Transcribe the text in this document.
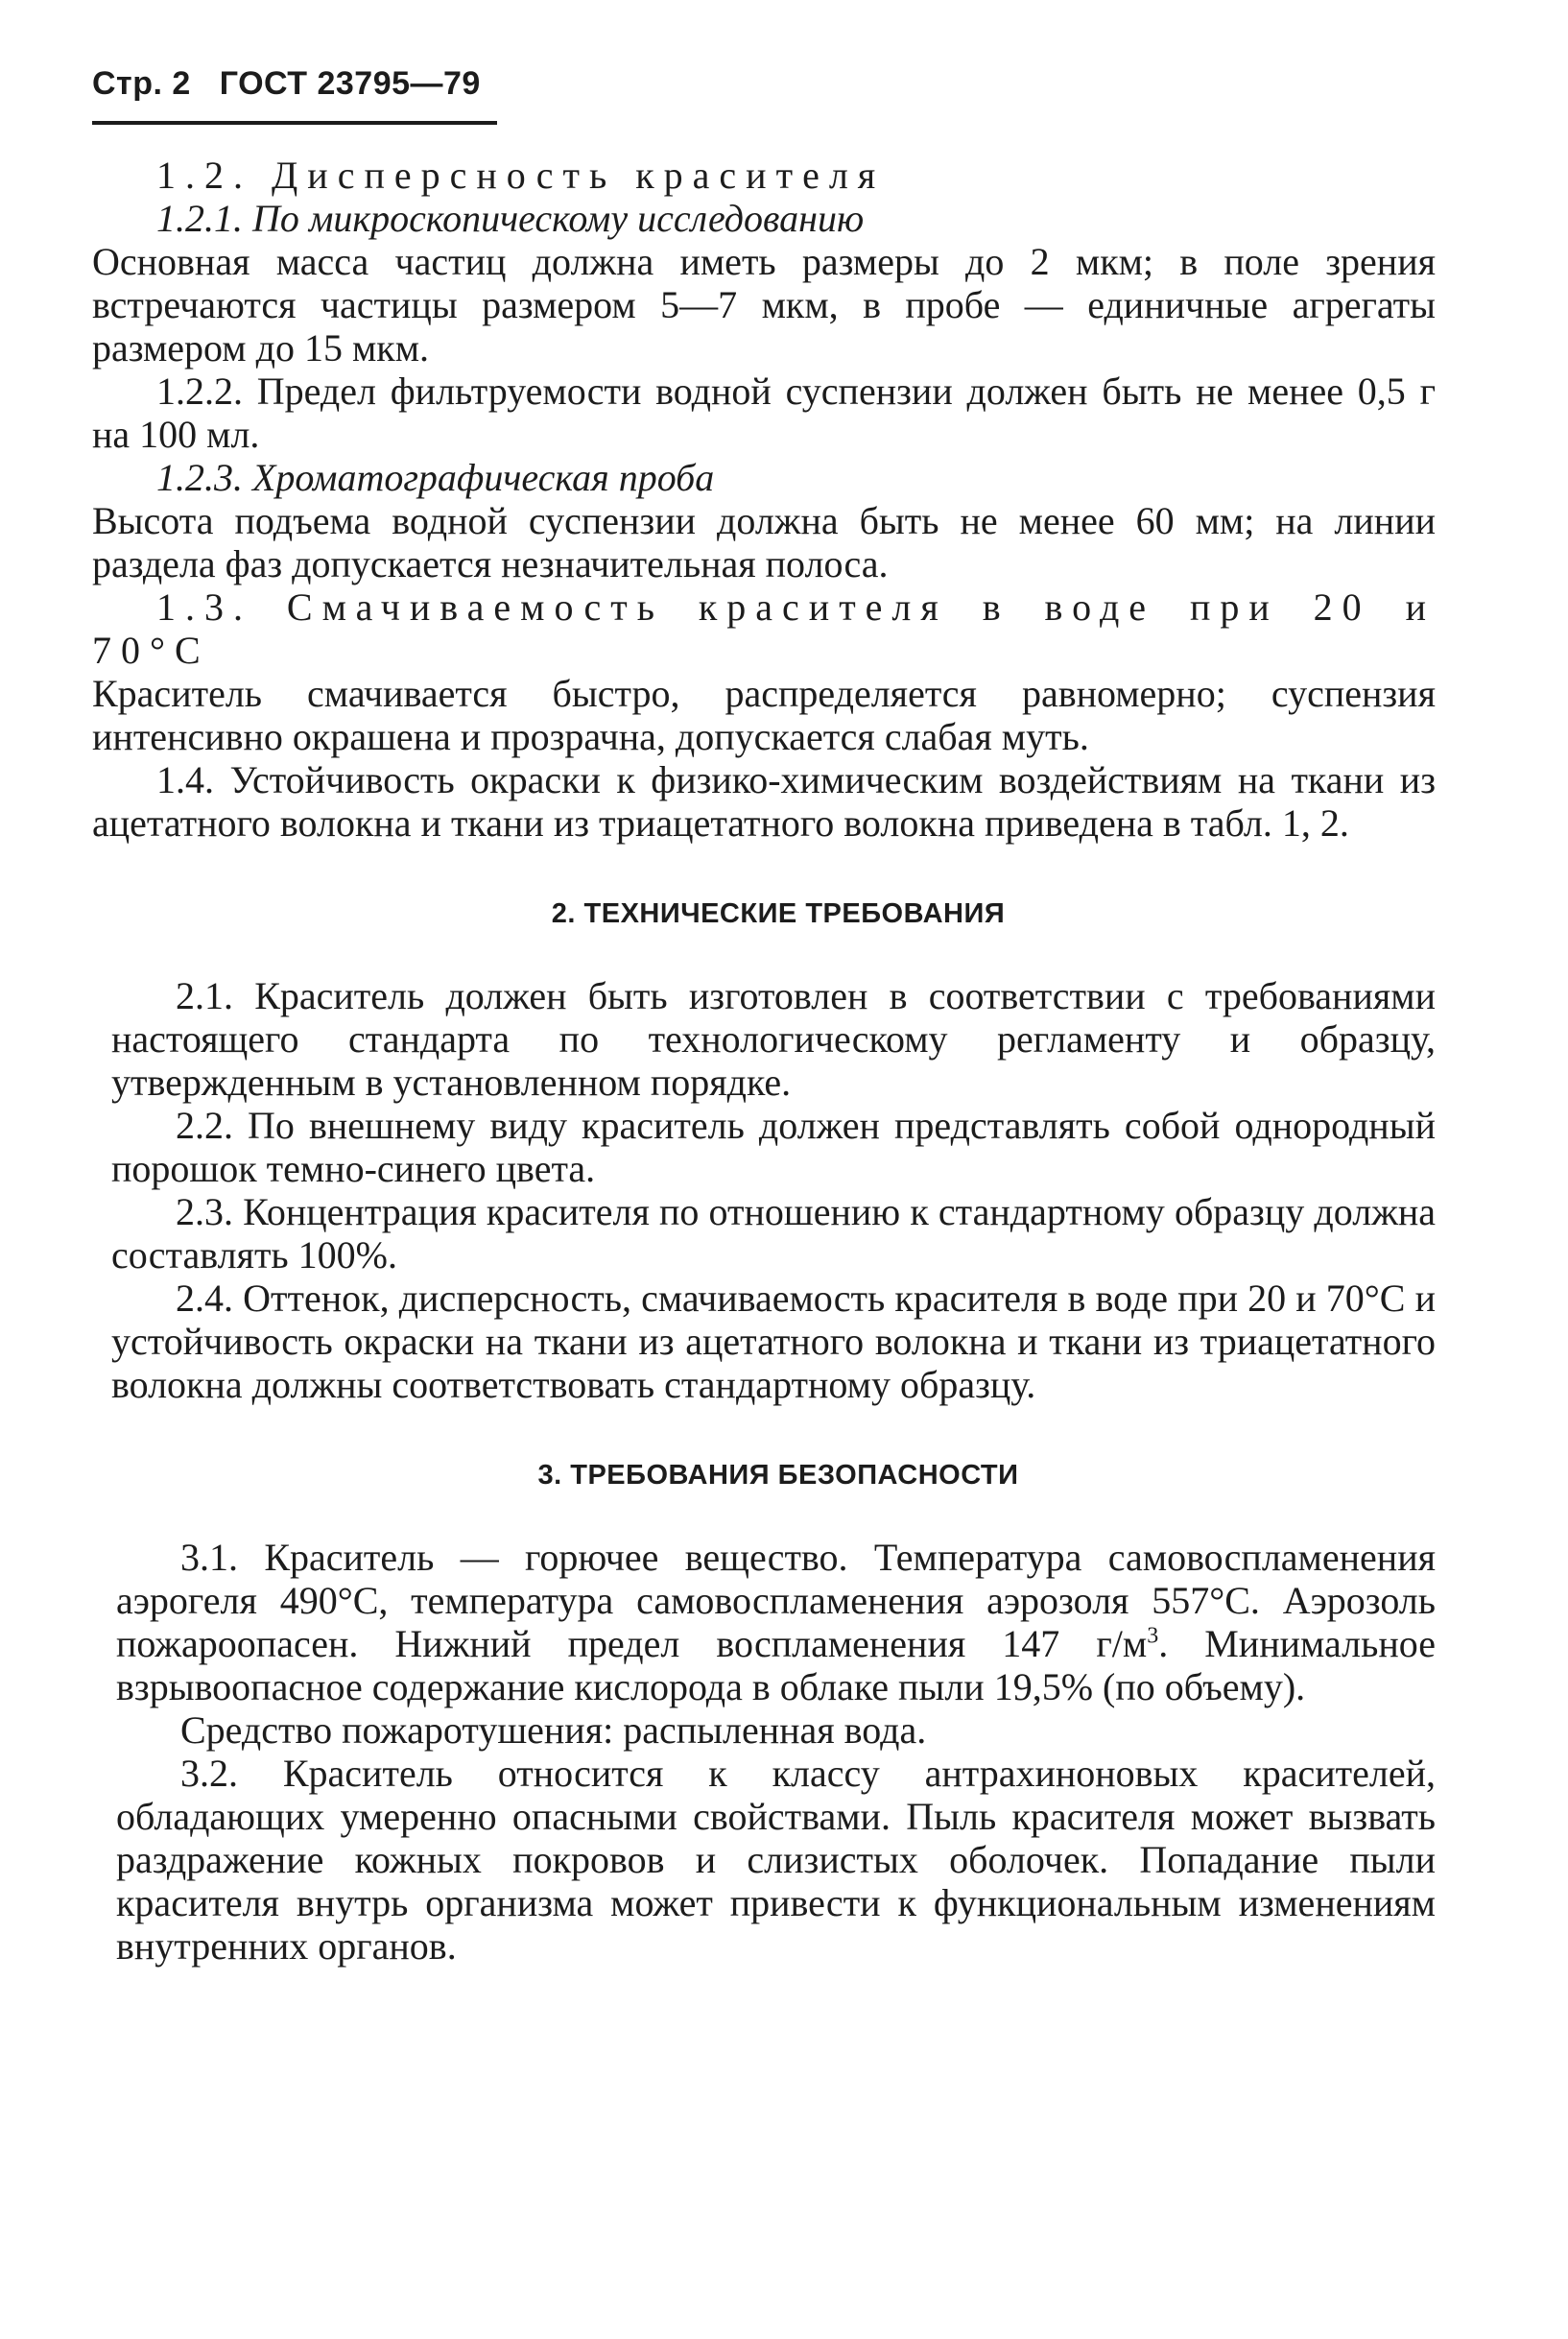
Стр. 2 ГОСТ 23795—79

1.2. Дисперсность красителя

1.2.1. По микроскопическому исследованию

Основная масса частиц должна иметь размеры до 2 мкм; в поле зрения встречаются частицы размером 5—7 мкм, в пробе — единичные агрегаты размером до 15 мкм.

1.2.2. Предел фильтруемости водной суспензии должен быть не менее 0,5 г на 100 мл.

1.2.3. Хроматографическая проба

Высота подъема водной суспензии должна быть не менее 60 мм; на линии раздела фаз допускается незначительная полоса.

1.3. Смачиваемость красителя в воде при 20 и 70°С

Краситель смачивается быстро, распределяется равномерно; суспензия интенсивно окрашена и прозрачна, допускается слабая муть.

1.4. Устойчивость окраски к физико-химическим воздействиям на ткани из ацетатного волокна и ткани из триацетатного волокна приведена в табл. 1, 2.

2. ТЕХНИЧЕСКИЕ ТРЕБОВАНИЯ

2.1. Краситель должен быть изготовлен в соответствии с требованиями настоящего стандарта по технологическому регламенту и образцу, утвержденным в установленном порядке.

2.2. По внешнему виду краситель должен представлять собой однородный порошок темно-синего цвета.

2.3. Концентрация красителя по отношению к стандартному образцу должна составлять 100%.

2.4. Оттенок, дисперсность, смачиваемость красителя в воде при 20 и 70°С и устойчивость окраски на ткани из ацетатного волокна и ткани из триацетатного волокна должны соответствовать стандартному образцу.

3. ТРЕБОВАНИЯ БЕЗОПАСНОСТИ

3.1. Краситель — горючее вещество. Температура самовоспламенения аэрогеля 490°С, температура самовоспламенения аэрозоля 557°С. Аэрозоль пожароопасен. Нижний предел воспламенения 147 $г/м^3$. Минимальное взрывоопасное содержание кислорода в облаке пыли 19,5% (по объему).

Средство пожаротушения: распыленная вода.

3.2. Краситель относится к классу антрахиноновых красителей, обладающих умеренно опасными свойствами. Пыль красителя может вызвать раздражение кожных покровов и слизистых оболочек. Попадание пыли красителя внутрь организма может привести к функциональным изменениям внутренних органов.
